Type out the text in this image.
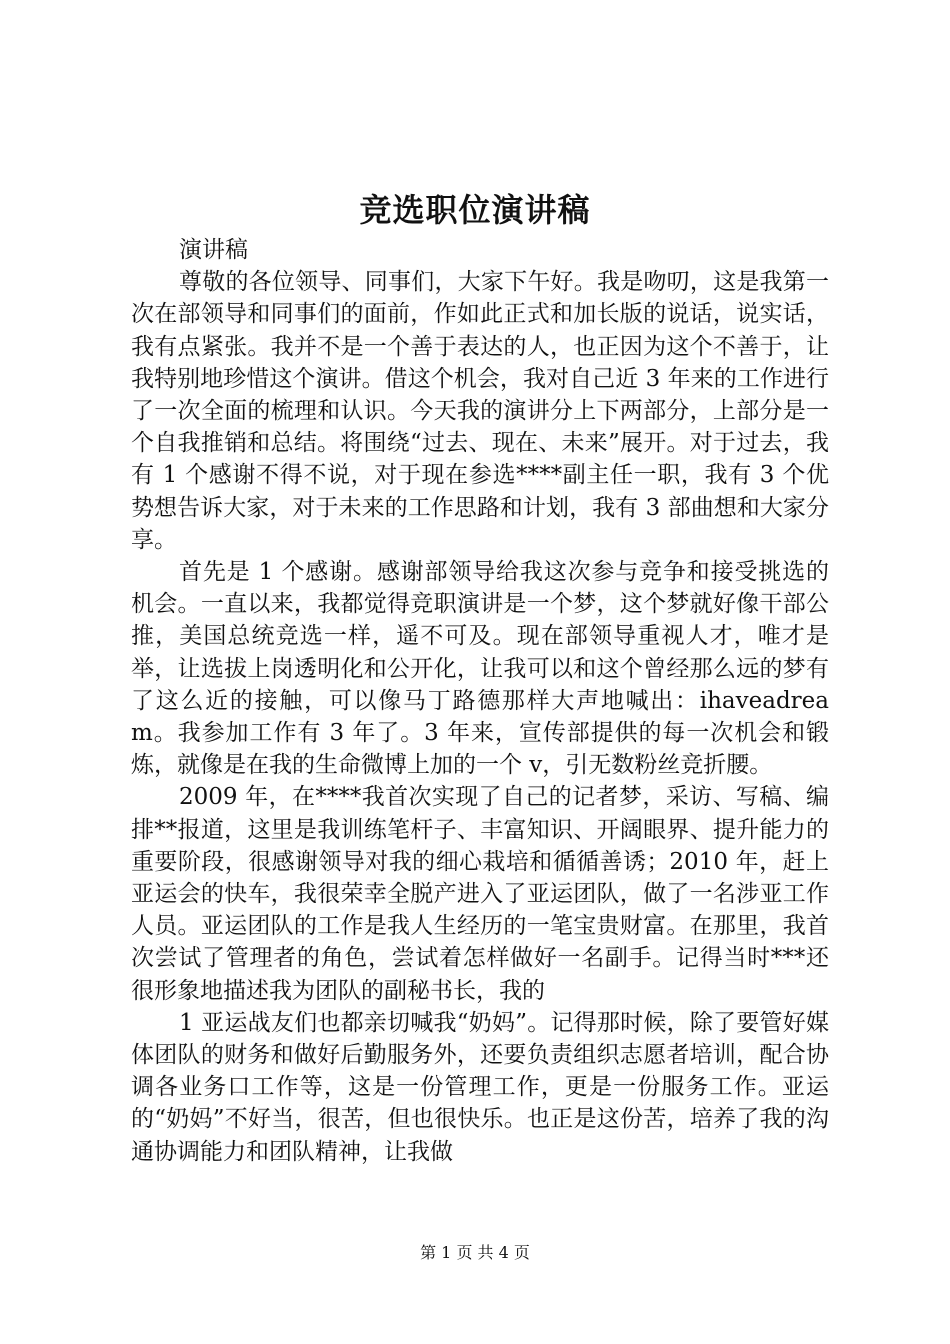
竞选职位演讲稿

演讲稿

尊敬的各位领导、同事们，大家下午好。我是吻叨，这是我第一次在部领导和同事们的面前，作如此正式和加长版的说话，说实话，我有点紧张。我并不是一个善于表达的人，也正因为这个不善于，让我特别地珍惜这个演讲。借这个机会，我对自己近 3 年来的工作进行了一次全面的梳理和认识。今天我的演讲分上下两部分，上部分是一个自我推销和总结。将围绕“过去、现在、未来”展开。对于过去，我有 1 个感谢不得不说，对于现在参选****副主任一职，我有 3 个优势想告诉大家，对于未来的工作思路和计划，我有 3 部曲想和大家分享。

首先是 1 个感谢。感谢部领导给我这次参与竞争和接受挑选的机会。一直以来，我都觉得竞职演讲是一个梦，这个梦就好像干部公推，美国总统竞选一样，遥不可及。现在部领导重视人才，唯才是举，让选拔上岗透明化和公开化，让我可以和这个曾经那么远的梦有了这么近的接触，可以像马丁路德那样大声地喊出：ihaveadream。我参加工作有 3 年了。3 年来，宣传部提供的每一次机会和锻炼，就像是在我的生命微博上加的一个 v，引无数粉丝竞折腰。

2009 年，在****我首次实现了自己的记者梦，采访、写稿、编排**报道，这里是我训练笔杆子、丰富知识、开阔眼界、提升能力的重要阶段，很感谢领导对我的细心栽培和循循善诱；2010 年，赶上亚运会的快车，我很荣幸全脱产进入了亚运团队，做了一名涉亚工作人员。亚运团队的工作是我人生经历的一笔宝贵财富。在那里，我首次尝试了管理者的角色，尝试着怎样做好一名副手。记得当时***还很形象地描述我为团队的副秘书长，我的

1 亚运战友们也都亲切喊我“奶妈”。记得那时候，除了要管好媒体团队的财务和做好后勤服务外，还要负责组织志愿者培训，配合协调各业务口工作等，这是一份管理工作，更是一份服务工作。亚运的“奶妈”不好当，很苦，但也很快乐。也正是这份苦，培养了我的沟通协调能力和团队精神，让我做

第 1 页 共 4 页
